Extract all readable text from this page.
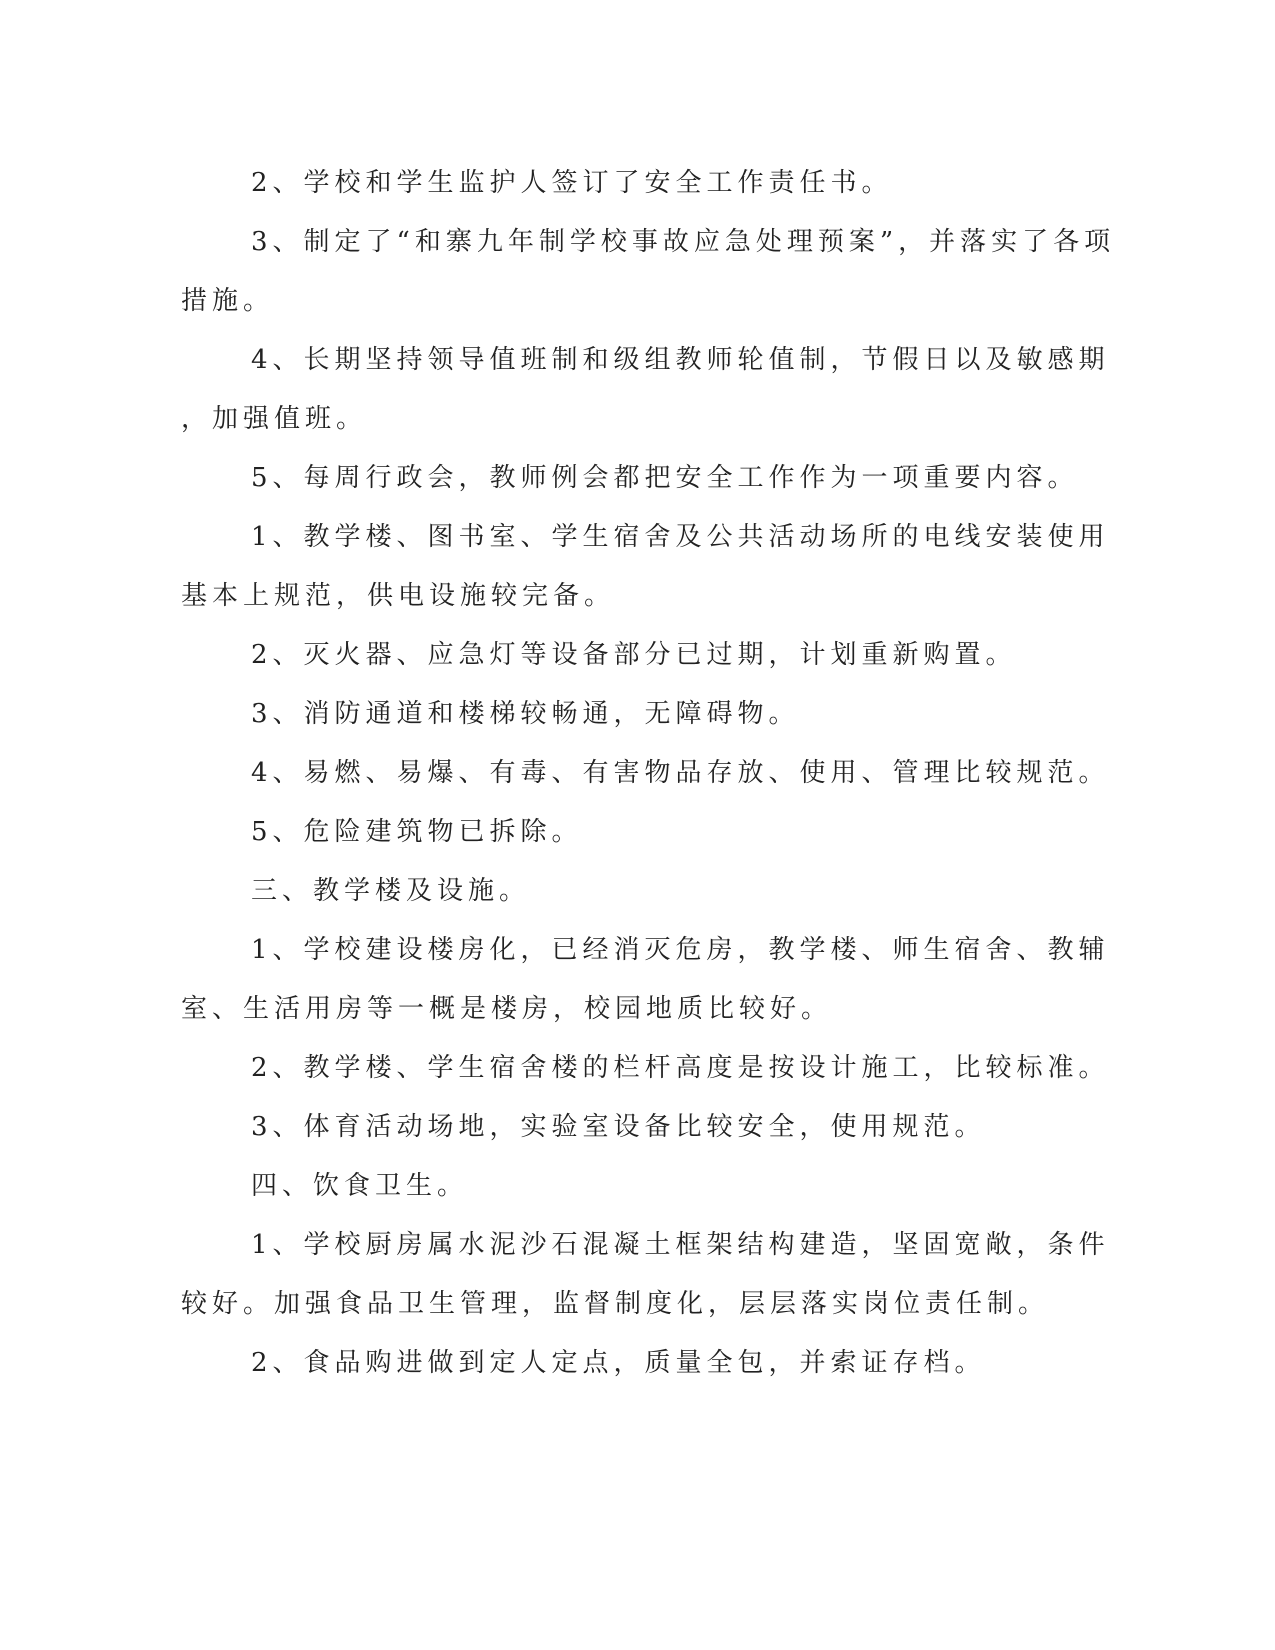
2、学校和学生监护人签订了安全工作责任书。
3、制定了“和寨九年制学校事故应急处理预案”，并落实了各项
措施。
4、长期坚持领导值班制和级组教师轮值制，节假日以及敏感期
，加强值班。
5、每周行政会，教师例会都把安全工作作为一项重要内容。
1、教学楼、图书室、学生宿舍及公共活动场所的电线安装使用
基本上规范，供电设施较完备。
2、灭火器、应急灯等设备部分已过期，计划重新购置。
3、消防通道和楼梯较畅通，无障碍物。
4、易燃、易爆、有毒、有害物品存放、使用、管理比较规范。
5、危险建筑物已拆除。
三、教学楼及设施。
1、学校建设楼房化，已经消灭危房，教学楼、师生宿舍、教辅
室、生活用房等一概是楼房，校园地质比较好。
2、教学楼、学生宿舍楼的栏杆高度是按设计施工，比较标准。
3、体育活动场地，实验室设备比较安全，使用规范。
四、饮食卫生。
1、学校厨房属水泥沙石混凝土框架结构建造，坚固宽敞，条件
较好。加强食品卫生管理，监督制度化，层层落实岗位责任制。
2、食品购进做到定人定点，质量全包，并索证存档。
